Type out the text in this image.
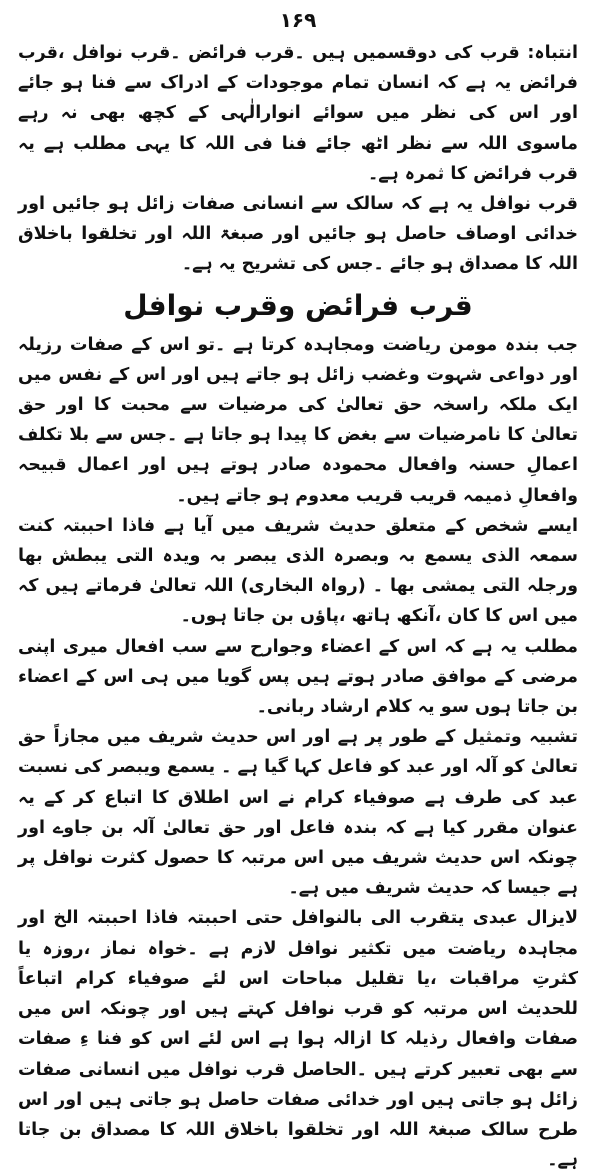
۱۶۹

انتباہ: قرب کی دوقسمیں ہیں ۔قرب فرائض ۔قرب نوافل ،قرب فرائض یہ ہے کہ انسان تمام موجودات کے ادراک سے فنا ہو جائے اور اس کی نظر میں سوائے انوارالٰہی کے کچھ بھی نہ رہے ماسوی اللہ سے نظر اٹھ جائے فنا فی اللہ کا یہی مطلب ہے یہ قرب فرائض کا ثمرہ ہے۔

قرب نوافل یہ ہے کہ سالک سے انسانی صفات زائل ہو جائیں اور خدائی اوصاف حاصل ہو جائیں اور صبغۃ اللہ اور تخلقوا باخلاق اللہ کا مصداق ہو جائے ۔جس کی تشریح یہ ہے۔

قرب فرائض وقرب نوافل

جب بندہ مومن ریاضت ومجاہدہ کرتا ہے ۔تو اس کے صفات رزیلہ اور دواعی شہوت وغضب زائل ہو جاتے ہیں اور اس کے نفس میں ایک ملکہ راسخہ حق تعالیٰ کی مرضیات سے محبت کا اور حق تعالیٰ کا نامرضیات سے بغض کا پیدا ہو جاتا ہے ۔جس سے بلا تکلف اعمالِ حسنہ وافعال محمودہ صادر ہوتے ہیں اور اعمال قبیحہ وافعالِ ذمیمہ قریب قریب معدوم ہو جاتے ہیں۔

ایسے شخص کے متعلق حدیث شریف میں آیا ہے فاذا احببتہ کنت سمعہ الذی یسمع بہ وبصرہ الذی یبصر بہ ویدہ التی یبطش بھا ورجلہ التی یمشی بھا ۔ (رواہ البخاری) اللہ تعالیٰ فرماتے ہیں کہ میں اس کا کان ،آنکھ ہاتھ ،پاؤں بن جاتا ہوں۔

مطلب یہ ہے کہ اس کے اعضاء وجوارح سے سب افعال میری اپنی مرضی کے موافق صادر ہوتے ہیں پس گویا میں ہی اس کے اعضاء بن جاتا ہوں سو یہ کلام ارشاد ربانی۔

تشبیہ وتمثیل کے طور پر ہے اور اس حدیث شریف میں مجازاً حق تعالیٰ کو آلہ اور عبد کو فاعل کہا گیا ہے ۔ یسمع ویبصر کی نسبت عبد کی طرف ہے صوفیاء کرام نے اس اطلاق کا اتباع کر کے یہ عنوان مقرر کیا ہے کہ بندہ فاعل اور حق تعالیٰ آلہ بن جاوے اور چونکہ اس حدیث شریف میں اس مرتبہ کا حصول کثرت نوافل پر ہے جیسا کہ حدیث شریف میں ہے۔

لایزال عبدی یتقرب الی بالنوافل حتی احببتہ فاذا احببتہ الخ اور مجاہدہ ریاضت میں تکثیر نوافل لازم ہے ۔خواہ نماز ،روزہ یا کثرتِ مراقبات ،یا تقلیل مباحات اس لئے صوفیاء کرام اتباعاً للحدیث اس مرتبہ کو قرب نوافل کہتے ہیں اور چونکہ اس میں صفات وافعال رذیلہ کا ازالہ ہوا ہے اس لئے اس کو فنا ءِ صفات سے بھی تعبیر کرتے ہیں ۔الحاصل قرب نوافل میں انسانی صفات زائل ہو جاتی ہیں اور خدائی صفات حاصل ہو جاتی ہیں اور اس طرح سالک صبغۃ اللہ اور تخلقوا باخلاق اللہ کا مصداق بن جاتا ہے۔
